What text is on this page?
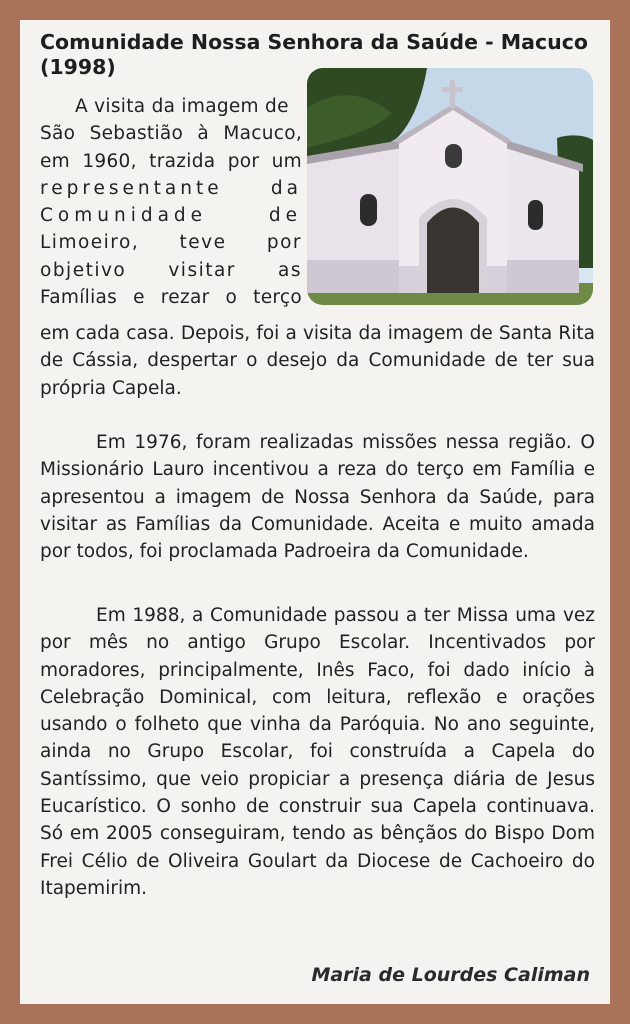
Comunidade Nossa Senhora da Saúde - Macuco (1998)
A visita da imagem de
São Sebastião à Macuco,
em 1960, trazida por um
representante da
Comunidade de
Limoeiro, teve por
objetivo visitar as
Famílias e rezar o terço

em cada casa. Depois, foi a visita da imagem de Santa Rita de Cássia, despertar o desejo da Comunidade de ter sua própria Capela.

Em 1976, foram realizadas missões nessa região. O Missionário Lauro incentivou a reza do terço em Família e apresentou a imagem de Nossa Senhora da Saúde, para visitar as Famílias da Comunidade. Aceita e muito amada por todos, foi proclamada Padroeira da Comunidade.

Em 1988, a Comunidade passou a ter Missa uma vez por mês no antigo Grupo Escolar. Incentivados por moradores, principalmente, Inês Faco, foi dado início à Celebração Dominical, com leitura, reflexão e orações usando o folheto que vinha da Paróquia. No ano seguinte, ainda no Grupo Escolar, foi construída a Capela do Santíssimo, que veio propiciar a presença diária de Jesus Eucarístico. O sonho de construir sua Capela continuava. Só em 2005 conseguiram, tendo as bênçãos do Bispo Dom Frei Célio de Oliveira Goulart da Diocese de Cachoeiro do Itapemirim.

Maria de Lourdes Caliman
